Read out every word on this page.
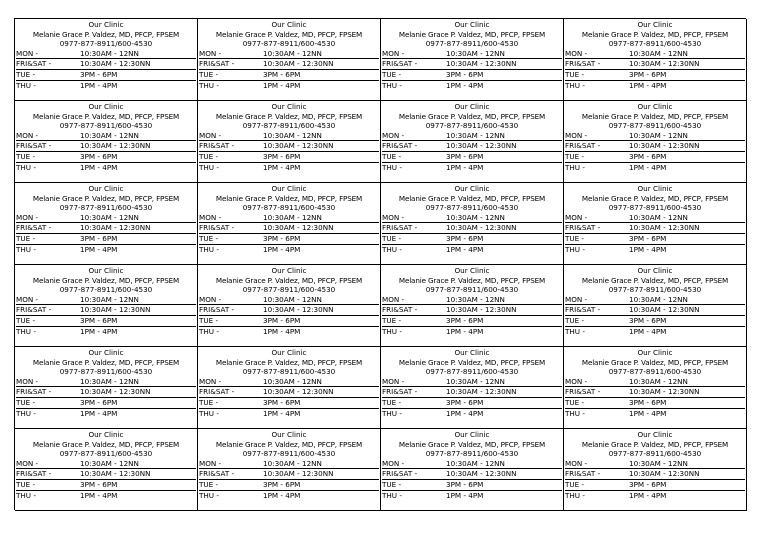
Our Clinic
Melanie Grace P. Valdez, MD, PFCP, FPSEM
0977-877-8911/600-4530
MON -	10:30AM - 12NN
FRI&SAT -	10:30AM - 12:30NN
TUE -	3PM - 6PM
THU -	1PM - 4PM
Our Clinic
Melanie Grace P. Valdez, MD, PFCP, FPSEM
0977-877-8911/600-4530
MON -	10:30AM - 12NN
FRI&SAT -	10:30AM - 12:30NN
TUE -	3PM - 6PM
THU -	1PM - 4PM
Our Clinic
Melanie Grace P. Valdez, MD, PFCP, FPSEM
0977-877-8911/600-4530
MON -	10:30AM - 12NN
FRI&SAT -	10:30AM - 12:30NN
TUE -	3PM - 6PM
THU -	1PM - 4PM
Our Clinic
Melanie Grace P. Valdez, MD, PFCP, FPSEM
0977-877-8911/600-4530
MON -	10:30AM - 12NN
FRI&SAT -	10:30AM - 12:30NN
TUE -	3PM - 6PM
THU -	1PM - 4PM
Our Clinic
Melanie Grace P. Valdez, MD, PFCP, FPSEM
0977-877-8911/600-4530
MON -	10:30AM - 12NN
FRI&SAT -	10:30AM - 12:30NN
TUE -	3PM - 6PM
THU -	1PM - 4PM
Our Clinic
Melanie Grace P. Valdez, MD, PFCP, FPSEM
0977-877-8911/600-4530
MON -	10:30AM - 12NN
FRI&SAT -	10:30AM - 12:30NN
TUE -	3PM - 6PM
THU -	1PM - 4PM
Our Clinic
Melanie Grace P. Valdez, MD, PFCP, FPSEM
0977-877-8911/600-4530
MON -	10:30AM - 12NN
FRI&SAT -	10:30AM - 12:30NN
TUE -	3PM - 6PM
THU -	1PM - 4PM
Our Clinic
Melanie Grace P. Valdez, MD, PFCP, FPSEM
0977-877-8911/600-4530
MON -	10:30AM - 12NN
FRI&SAT -	10:30AM - 12:30NN
TUE -	3PM - 6PM
THU -	1PM - 4PM
Our Clinic
Melanie Grace P. Valdez, MD, PFCP, FPSEM
0977-877-8911/600-4530
MON -	10:30AM - 12NN
FRI&SAT -	10:30AM - 12:30NN
TUE -	3PM - 6PM
THU -	1PM - 4PM
Our Clinic
Melanie Grace P. Valdez, MD, PFCP, FPSEM
0977-877-8911/600-4530
MON -	10:30AM - 12NN
FRI&SAT -	10:30AM - 12:30NN
TUE -	3PM - 6PM
THU -	1PM - 4PM
Our Clinic
Melanie Grace P. Valdez, MD, PFCP, FPSEM
0977-877-8911/600-4530
MON -	10:30AM - 12NN
FRI&SAT -	10:30AM - 12:30NN
TUE -	3PM - 6PM
THU -	1PM - 4PM
Our Clinic
Melanie Grace P. Valdez, MD, PFCP, FPSEM
0977-877-8911/600-4530
MON -	10:30AM - 12NN
FRI&SAT -	10:30AM - 12:30NN
TUE -	3PM - 6PM
THU -	1PM - 4PM
Our Clinic
Melanie Grace P. Valdez, MD, PFCP, FPSEM
0977-877-8911/600-4530
MON -	10:30AM - 12NN
FRI&SAT -	10:30AM - 12:30NN
TUE -	3PM - 6PM
THU -	1PM - 4PM
Our Clinic
Melanie Grace P. Valdez, MD, PFCP, FPSEM
0977-877-8911/600-4530
MON -	10:30AM - 12NN
FRI&SAT -	10:30AM - 12:30NN
TUE -	3PM - 6PM
THU -	1PM - 4PM
Our Clinic
Melanie Grace P. Valdez, MD, PFCP, FPSEM
0977-877-8911/600-4530
MON -	10:30AM - 12NN
FRI&SAT -	10:30AM - 12:30NN
TUE -	3PM - 6PM
THU -	1PM - 4PM
Our Clinic
Melanie Grace P. Valdez, MD, PFCP, FPSEM
0977-877-8911/600-4530
MON -	10:30AM - 12NN
FRI&SAT -	10:30AM - 12:30NN
TUE -	3PM - 6PM
THU -	1PM - 4PM
Our Clinic
Melanie Grace P. Valdez, MD, PFCP, FPSEM
0977-877-8911/600-4530
MON -	10:30AM - 12NN
FRI&SAT -	10:30AM - 12:30NN
TUE -	3PM - 6PM
THU -	1PM - 4PM
Our Clinic
Melanie Grace P. Valdez, MD, PFCP, FPSEM
0977-877-8911/600-4530
MON -	10:30AM - 12NN
FRI&SAT -	10:30AM - 12:30NN
TUE -	3PM - 6PM
THU -	1PM - 4PM
Our Clinic
Melanie Grace P. Valdez, MD, PFCP, FPSEM
0977-877-8911/600-4530
MON -	10:30AM - 12NN
FRI&SAT -	10:30AM - 12:30NN
TUE -	3PM - 6PM
THU -	1PM - 4PM
Our Clinic
Melanie Grace P. Valdez, MD, PFCP, FPSEM
0977-877-8911/600-4530
MON -	10:30AM - 12NN
FRI&SAT -	10:30AM - 12:30NN
TUE -	3PM - 6PM
THU -	1PM - 4PM
Our Clinic
Melanie Grace P. Valdez, MD, PFCP, FPSEM
0977-877-8911/600-4530
MON -	10:30AM - 12NN
FRI&SAT -	10:30AM - 12:30NN
TUE -	3PM - 6PM
THU -	1PM - 4PM
Our Clinic
Melanie Grace P. Valdez, MD, PFCP, FPSEM
0977-877-8911/600-4530
MON -	10:30AM - 12NN
FRI&SAT -	10:30AM - 12:30NN
TUE -	3PM - 6PM
THU -	1PM - 4PM
Our Clinic
Melanie Grace P. Valdez, MD, PFCP, FPSEM
0977-877-8911/600-4530
MON -	10:30AM - 12NN
FRI&SAT -	10:30AM - 12:30NN
TUE -	3PM - 6PM
THU -	1PM - 4PM
Our Clinic
Melanie Grace P. Valdez, MD, PFCP, FPSEM
0977-877-8911/600-4530
MON -	10:30AM - 12NN
FRI&SAT -	10:30AM - 12:30NN
TUE -	3PM - 6PM
THU -	1PM - 4PM
